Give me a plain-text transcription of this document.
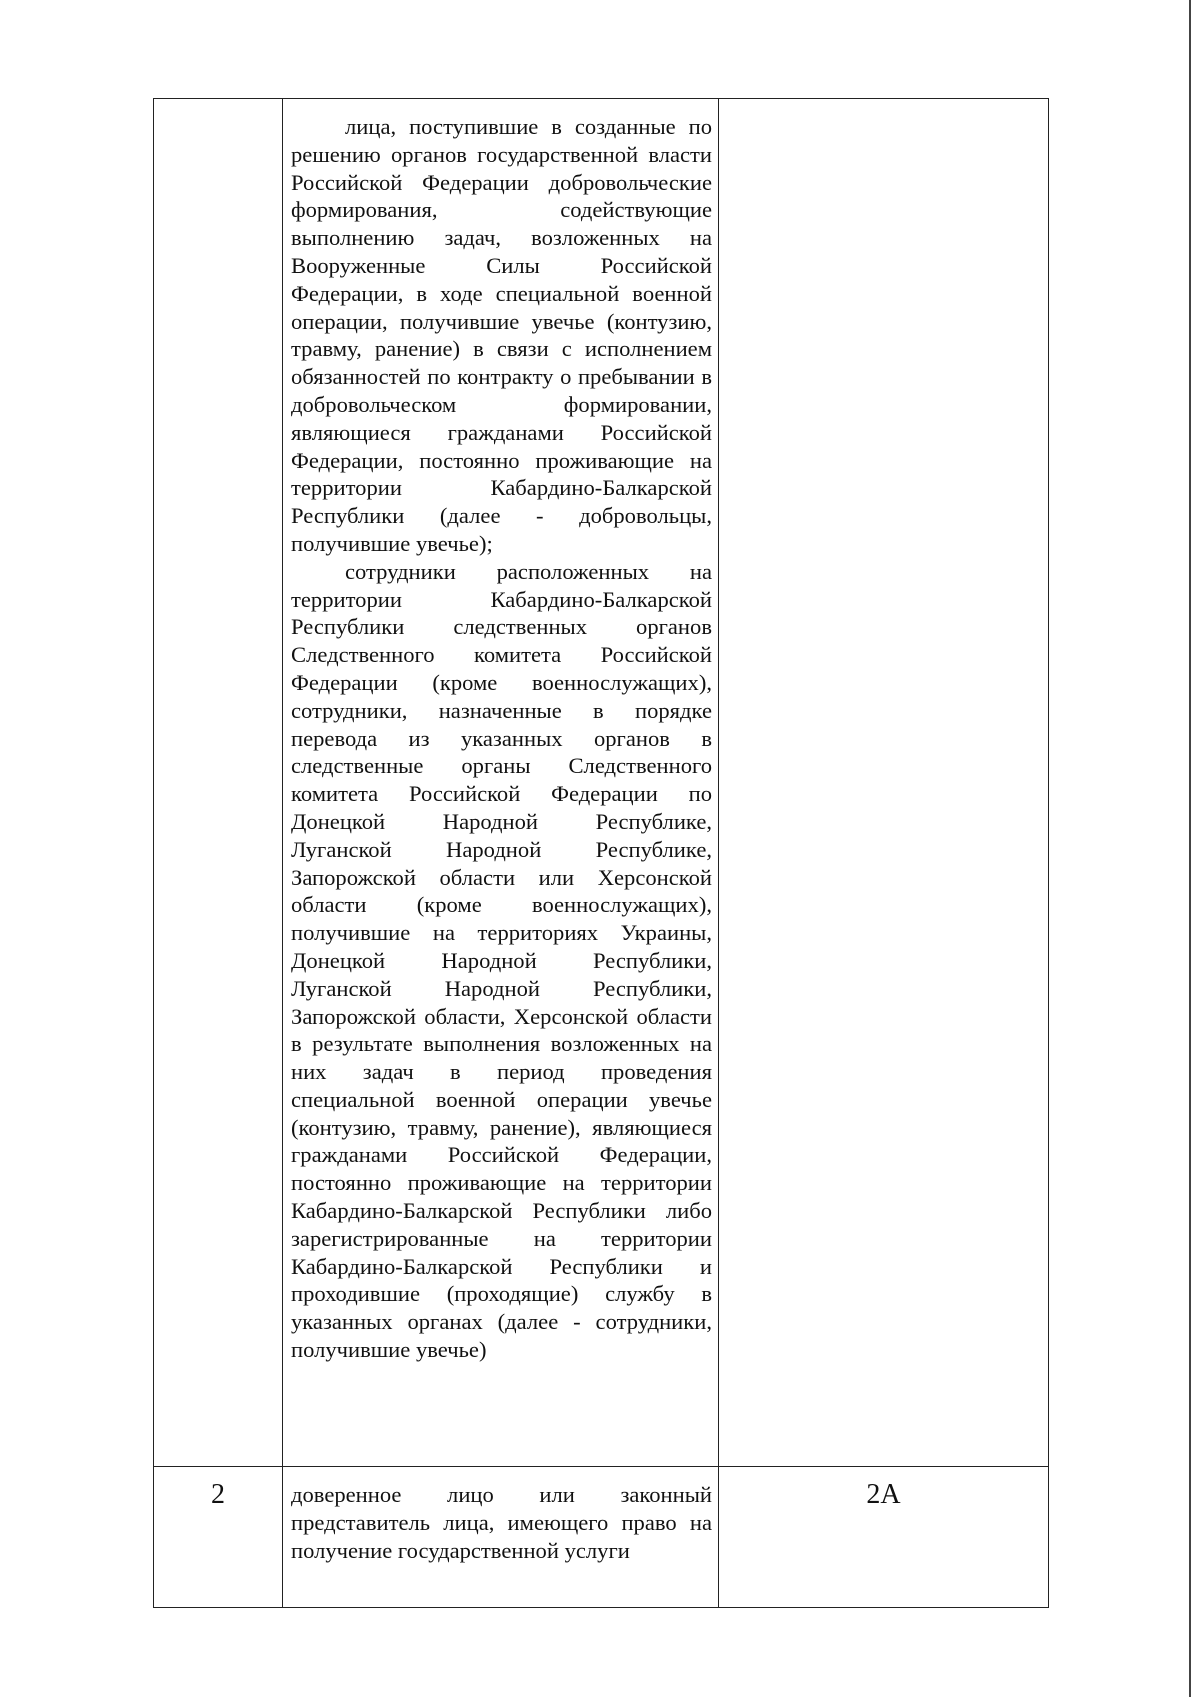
	лица, поступившие в созданные по решению органов государственной власти Российской Федерации добровольческие формирования, содействующие выполнению задач, возложенных на Вооруженные Силы Российской Федерации, в ходе специальной военной операции, получившие увечье (контузию, травму, ранение) в связи с исполнением обязанностей по контракту о пребывании в добровольческом формировании, являющиеся гражданами Российской Федерации, постоянно проживающие на территории Кабардино-Балкарской Республики (далее - добровольцы, получившие увечье);

сотрудники расположенных на территории Кабардино-Балкарской Республики следственных органов Следственного комитета Российской Федерации (кроме военнослужащих), сотрудники, назначенные в порядке перевода из указанных органов в следственные органы Следственного комитета Российской Федерации по Донецкой Народной Республике, Луганской Народной Республике, Запорожской области или Херсонской области (кроме военнослужащих), получившие на территориях Украины, Донецкой Народной Республики, Луганской Народной Республики, Запорожской области, Херсонской области в результате выполнения возложенных на них задач в период проведения специальной военной операции увечье (контузию, травму, ранение), являющиеся гражданами Российской Федерации, постоянно проживающие на территории Кабардино-Балкарской Республики либо зарегистрированные на территории Кабардино-Балкарской Республики и проходившие (проходящие) службу в указанных органах (далее - сотрудники, получившие увечье)	

2	доверенное лицо или законный представитель лица, имеющего право на получение государственной услуги	2А
